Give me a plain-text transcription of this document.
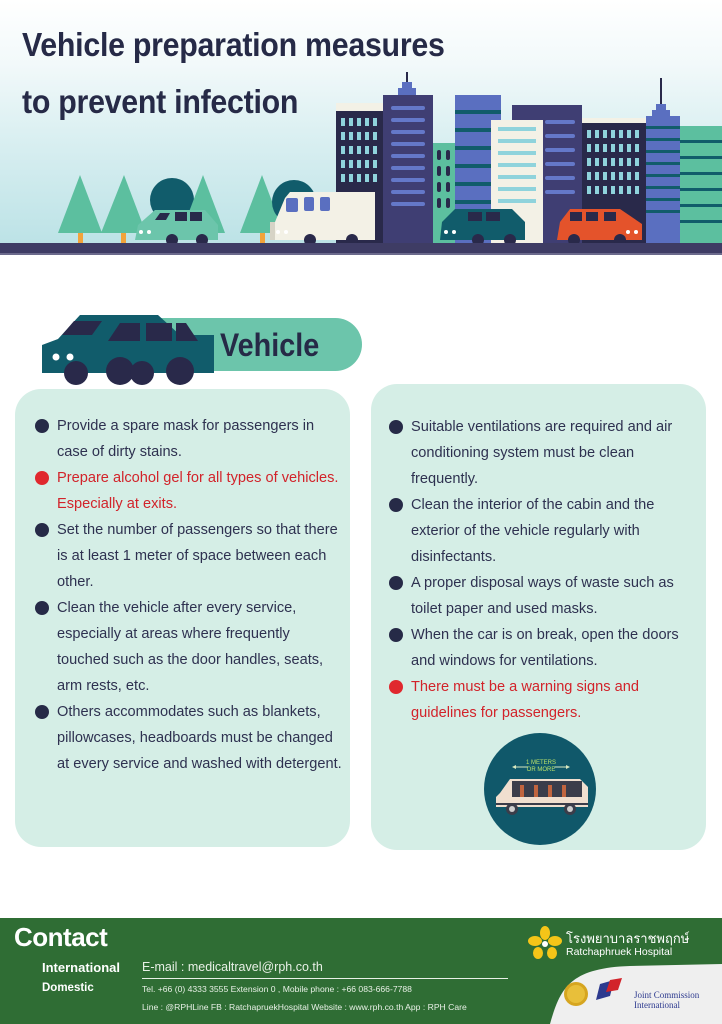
Vehicle preparation measures
to prevent infection
Vehicle
Provide a spare mask for passengers in case of dirty stains.
Prepare alcohol gel for all types of vehicles. Especially at exits.
Set the number of passengers so that there is at least 1 meter of space between each other.
Clean the vehicle after every service, especially at areas where frequently touched such as the door handles, seats, arm rests, etc.
Others accommodates such as blankets, pillowcases, headboards must be changed at every service and washed with detergent.
Suitable ventilations are required and air conditioning system must be clean frequently.
Clean the interior of the cabin and the exterior of the vehicle regularly with disinfectants.
A proper disposal ways of waste such as toilet paper and used masks.
When the car is on break, open the doors and windows for ventilations.
There must be a warning signs and guidelines for passengers.
1 METERS
OR MORE
Contact
International E-mail : medicaltravel@rph.co.th
Domestic	Tel. +66 (0) 4333 3555 Extension 0 , Mobile phone : +66 083-666-7788
Line : @RPHLine FB : RatchapruekHospital Website : www.rph.co.th App : RPH Care
โรงพยาบาลราชพฤกษ์
Ratchaphruek Hospital
Joint Commission
International
